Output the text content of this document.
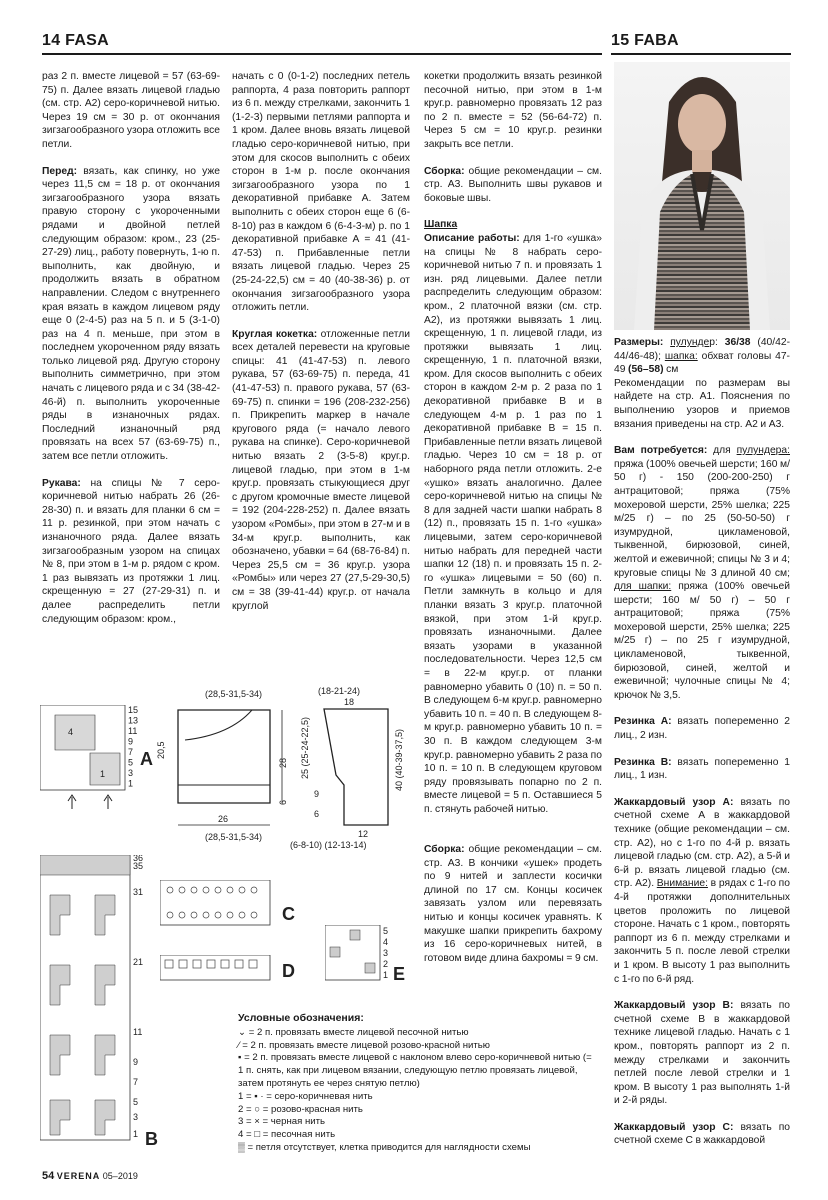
14 FASA	15 FABA

раз 2 п. вместе лицевой = 57 (63-69-75) п. Далее вязать лицевой гладью (см. стр. А2) серо-коричневой нитью. Через 19 см = 30 р. от окончания зигзагообразного узора отложить все петли.

Перед: вязать, как спинку, но уже через 11,5 см = 18 р. от окончания зигзагообразного узора вязать правую сторону с укороченными рядами и двойной петлей следующим образом: кром., 23 (25-27-29) лиц., работу повернуть, 1-ю п. выполнить, как двойную, и продолжить вязать в обратном направлении. Следом с внутреннего края вязать в каждом лицевом ряду еще 0 (2-4-5) раз на 5 п. и 5 (3-1-0) раз на 4 п. меньше, при этом в последнем укороченном ряду вязать только лицевой ряд. Другую сторону выполнить симметрично, при этом начать с лицевого ряда и с 34 (38-42-46-й) п. выполнить укороченные ряды в изнаночных рядах. Последний изнаночный ряд провязать на всех 57 (63-69-75) п., затем все петли отложить.

Рукава: на спицы № 7 серо-коричневой нитью набрать 26 (26-28-30) п. и вязать для планки 6 см = 11 р. резинкой, при этом начать с изнаночного ряда. Далее вязать зигзагообразным узором на спицах № 8, при этом в 1-м р. рядом с кром. 1 раз вывязать из протяжки 1 лиц. скрещенную = 27 (27-29-31) п. и далее распределить петли следующим образом: кром.,

начать с 0 (0-1-2) последних петель раппорта, 4 раза повторить раппорт из 6 п. между стрелками, закончить 1 (1-2-3) первыми петлями раппорта и 1 кром. Далее вновь вязать лицевой гладью серо-коричневой нитью, при этом для скосов выполнить с обеих сторон в 1-м р. после окончания зигзагообразного узора по 1 декоративной прибавке А. Затем выполнить с обеих сторон еще 6 (6-8-10) раз в каждом 6 (6-4-3-м) р. по 1 декоративной прибавке А = 41 (41-47-53) п. Прибавленные петли вязать лицевой гладью. Через 25 (25-24-22,5) см = 40 (40-38-36) р. от окончания зигзагообразного узора отложить петли.

Круглая кокетка: отложенные петли всех деталей перевести на круговые спицы: 41 (41-47-53) п. левого рукава, 57 (63-69-75) п. переда, 41 (41-47-53) п. правого рукава, 57 (63-69-75) п. спинки = 196 (208-232-256) п. Прикрепить маркер в начале кругового ряда (= начало левого рукава на спинке). Серо-коричневой нитью вязать 2 (3-5-8) круг.р. лицевой гладью, при этом в 1-м круг.р. провязать стыкующиеся друг с другом кромочные вместе лицевой = 192 (204-228-252) п. Далее вязать узором «Ромбы», при этом в 27-м и в 34-м круг.р. выполнить, как обозначено, убавки = 64 (68-76-84) п. Через 25,5 см = 36 круг.р. узора «Ромбы» или через 27 (27,5-29-30,5) см = 38 (39-41-44) круг.р. от начала круглой

кокетки продолжить вязать резинкой песочной нитью, при этом в 1-м круг.р. равномерно провязать 12 раз по 2 п. вместе = 52 (56-64-72) п. Через 5 см = 10 круг.р. резинки закрыть все петли.

Сборка: общие рекомендации – см. стр. А3. Выполнить швы рукавов и боковые швы.

Шапка

Описание работы: для 1-го «ушка» на спицы № 8 набрать серо-коричневой нитью 7 п. и провязать 1 изн. ряд лицевыми. Далее петли распределить следующим образом: кром., 2 платочной вязки (см. стр. А2), из протяжки вывязать 1 лиц. скрещенную, 1 п. лицевой глади, из протяжки вывязать 1 лиц. скрещенную, 1 п. платочной вязки, кром. Для скосов выполнить с обеих сторон в каждом 2-м р. 2 раза по 1 декоративной прибавке В и в следующем 4-м р. 1 раз по 1 декоративной прибавке В = 15 п. Прибавленные петли вязать лицевой гладью. Через 10 см = 18 р. от наборного ряда петли отложить. 2-е «ушко» вязать аналогично. Далее серо-коричневой нитью на спицы № 8 для задней части шапки набрать 8 (12) п., провязать 15 п. 1-го «ушка» лицевыми, затем серо-коричневой нитью набрать для передней части шапки 12 (18) п. и провязать 15 п. 2-го «ушка» лицевыми = 50 (60) п. Петли замкнуть в кольцо и для планки вязать 3 круг.р. платочной вязкой, при этом 1-й круг.р. провязать изнаночными. Далее вязать узорами в указанной последовательности. Через 12,5 см = в 22-м круг.р. от планки равномерно убавить 0 (10) п. = 50 п. В следующем 6-м круг.р. равномерно убавить 10 п. = 40 п. В следующем 8-м круг.р. равномерно убавить 10 п. = 30 п. В каждом следующем 3-м круг.р. равномерно убавить 2 раза по 10 п. = 10 п. В следующем круговом ряду провязывать попарно по 2 п. вместе лицевой = 5 п. Оставшиеся 5 п. стянуть рабочей нитью.

Сборка: общие рекомендации – см. стр. А3. В кончики «ушек» продеть по 9 нитей и заплести косички длиной по 17 см. Концы косичек завязать узлом или перевязать нитью и концы косичек уравнять. К макушке шапки прикрепить бахрому из 16 серо-коричневых нитей, в готовом виде длина бахромы = 9 см.

Размеры: пулундер: 36/38 (40/42-44/46-48); шапка: обхват головы 47-49 (56–58) см
Рекомендации по размерам вы найдете на стр. А1. Пояснения по выполнению узоров и приемов вязания приведены на стр. А2 и А3.

Вам потребуется: для пулундера: пряжа (100% овечьей шерсти; 160 м/ 50 г) - 150 (200-200-250) г антрацитовой; пряжа (75% мохеровой шерсти, 25% шелка; 225 м/25 г) – по 25 (50-50-50) г изумрудной, цикламеновой, тыквенной, бирюзовой, синей, желтой и ежевичной; спицы № 3 и 4; круговые спицы № 3 длиной 40 см; для шапки: пряжа (100% овечьей шерсти; 160 м/ 50 г) – 50 г антрацитовой; пряжа (75% мохеровой шерсти, 25% шелка; 225 м/25 г) – по 25 г изумрудной, цикламеновой, тыквенной, бирюзовой, синей, желтой и ежевичной; чулочные спицы № 4; крючок № 3,5.

Резинка А: вязать попеременно 2 лиц., 2 изн.

Резинка В: вязать попеременно 1 лиц., 1 изн.

Жаккардовый узор А: вязать по счетной схеме А в жаккардовой технике (общие рекомендации – см. стр. А2), но с 1-го по 4-й р. вязать лицевой гладью (см. стр. А2), а 5-й и 6-й р. вязать лицевой гладью (см. стр. А2). Внимание: в рядах с 1-го по 4-й протяжки дополнительных цветов проложить по лицевой стороне. Начать с 1 кром., повторять раппорт из 6 п. между стрелками и закончить 5 п. после левой стрелки и 1 кром. В высоту 1 раз выполнить с 1-го по 6-й ряд.

Жаккардовый узор В: вязать по счетной схеме В в жаккардовой технике лицевой гладью. Начать с 1 кром., повторять раппорт из 2 п. между стрелками и закончить петлей после левой стрелки и 1 кром. В высоту 1 раз выполнять 1-й и 2-й ряды.

Жаккардовый узор С: вязать по счетной схеме С в жаккардовой

(28,5-31,5-34)
26
(28,5-31,5-34)
20,5
28
6
(18-21-24)
18
25 (25-24-22,5)	40 (40-39-37,5)
9
6
12
(6-8-10) (12-13-14)
4
1
A
15
13
11
9
7
5
3
1
B
36
35
31
21
11
9
7
5
3
1
C
D	E
5
4
3
2
1
Условные обозначения:
⌄ = 2 п. провязать вместе лицевой песочной нитью
⁄ = 2 п. провязать вместе лицевой розово-красной нитью
▪ = 2 п. провязать вместе лицевой с наклоном влево серо-коричневой нитью (= 1 п. снять, как при лицевом вязании, следующую петлю провязать лицевой, затем протянуть ее через снятую петлю)
1 = ▪ · = серо-коричневая нить
2 = ○ = розово-красная нить
3 = × = черная нить
4 = □ = песочная нить
▒ = петля отсутствует, клетка приводится для наглядности схемы
54 VERENA 05–2019
